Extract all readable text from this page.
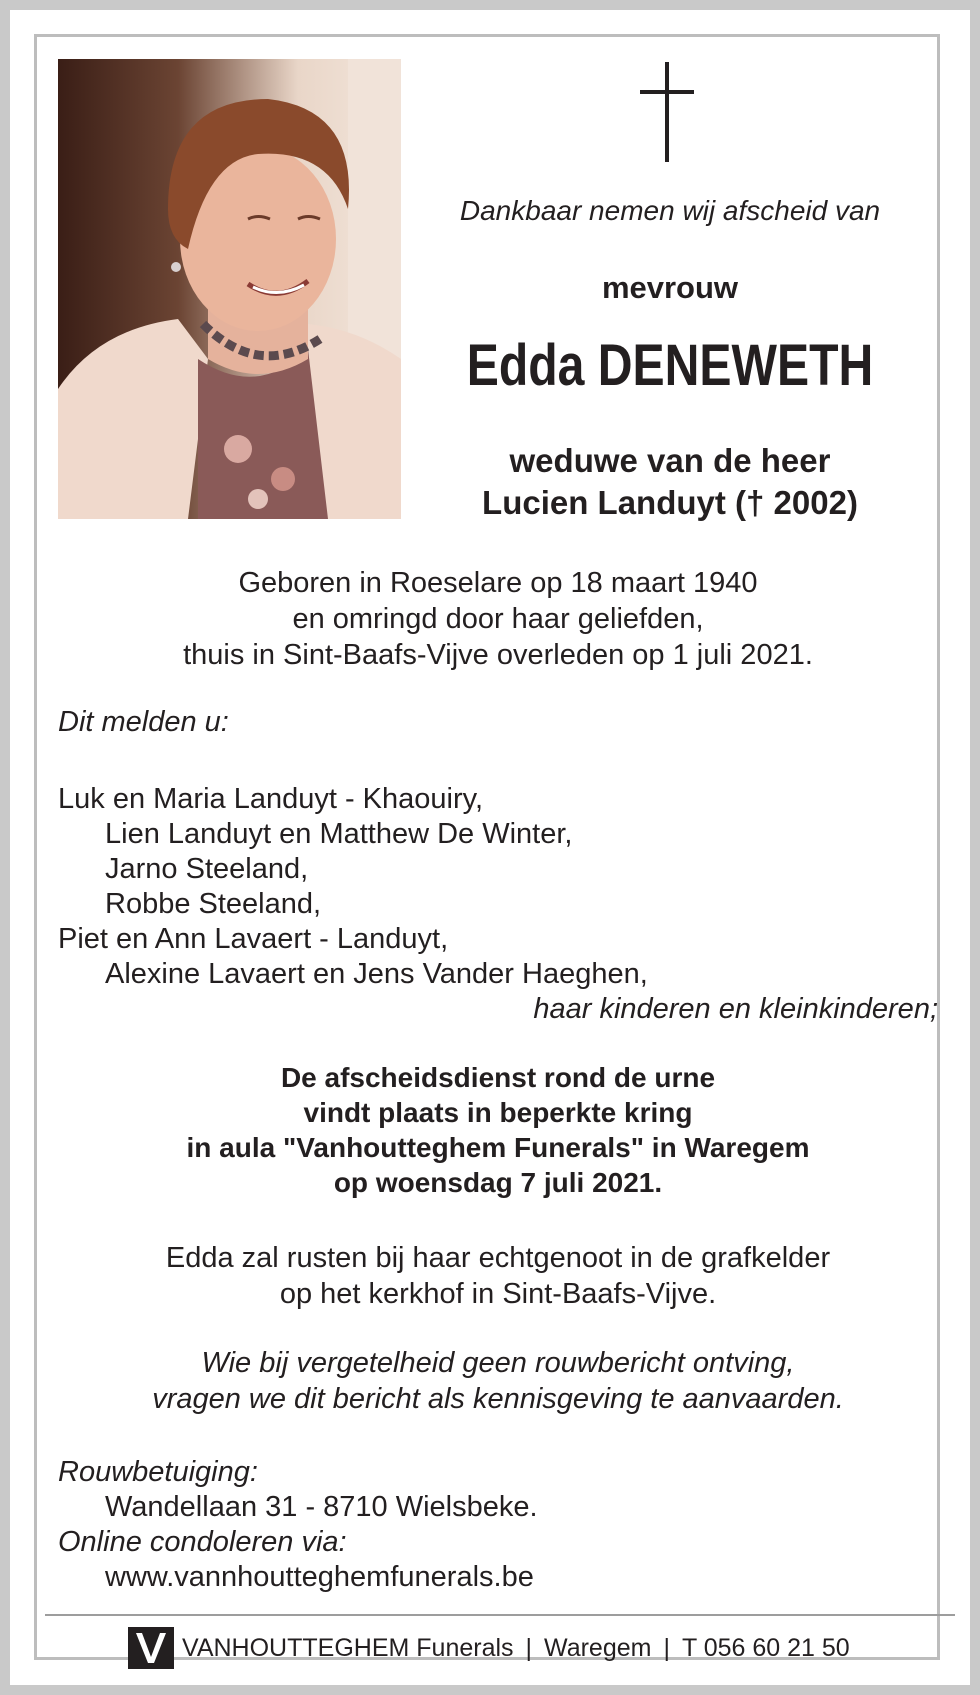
Dankbaar nemen wij afscheid van

mevrouw

Edda DENEWETH

weduwe van de heer
Lucien Landuyt († 2002)
Geboren in Roeselare op 18 maart 1940
en omringd door haar geliefden,
thuis in Sint-Baafs-Vijve overleden op 1 juli 2021.

Dit melden u:

Luk en Maria Landuyt - Khaouiry,
Lien Landuyt en Matthew De Winter,
Jarno Steeland,
Robbe Steeland,
Piet en Ann Lavaert - Landuyt,
Alexine Lavaert en Jens Vander Haeghen,
haar kinderen en kleinkinderen;
De afscheidsdienst rond de urne
vindt plaats in beperkte kring
in aula "Vanhoutteghem Funerals" in Waregem
op woensdag 7 juli 2021.
Edda zal rusten bij haar echtgenoot in de grafkelder
op het kerkhof in Sint-Baafs-Vijve.
Wie bij vergetelheid geen rouwbericht ontving,
vragen we dit bericht als kennisgeving te aanvaarden.
Rouwbetuiging:
Wandellaan 31 - 8710 Wielsbeke.
Online condoleren via:
www.vannhoutteghemfunerals.be
VANHOUTTEGHEM Funerals | Waregem | T 056 60 21 50
